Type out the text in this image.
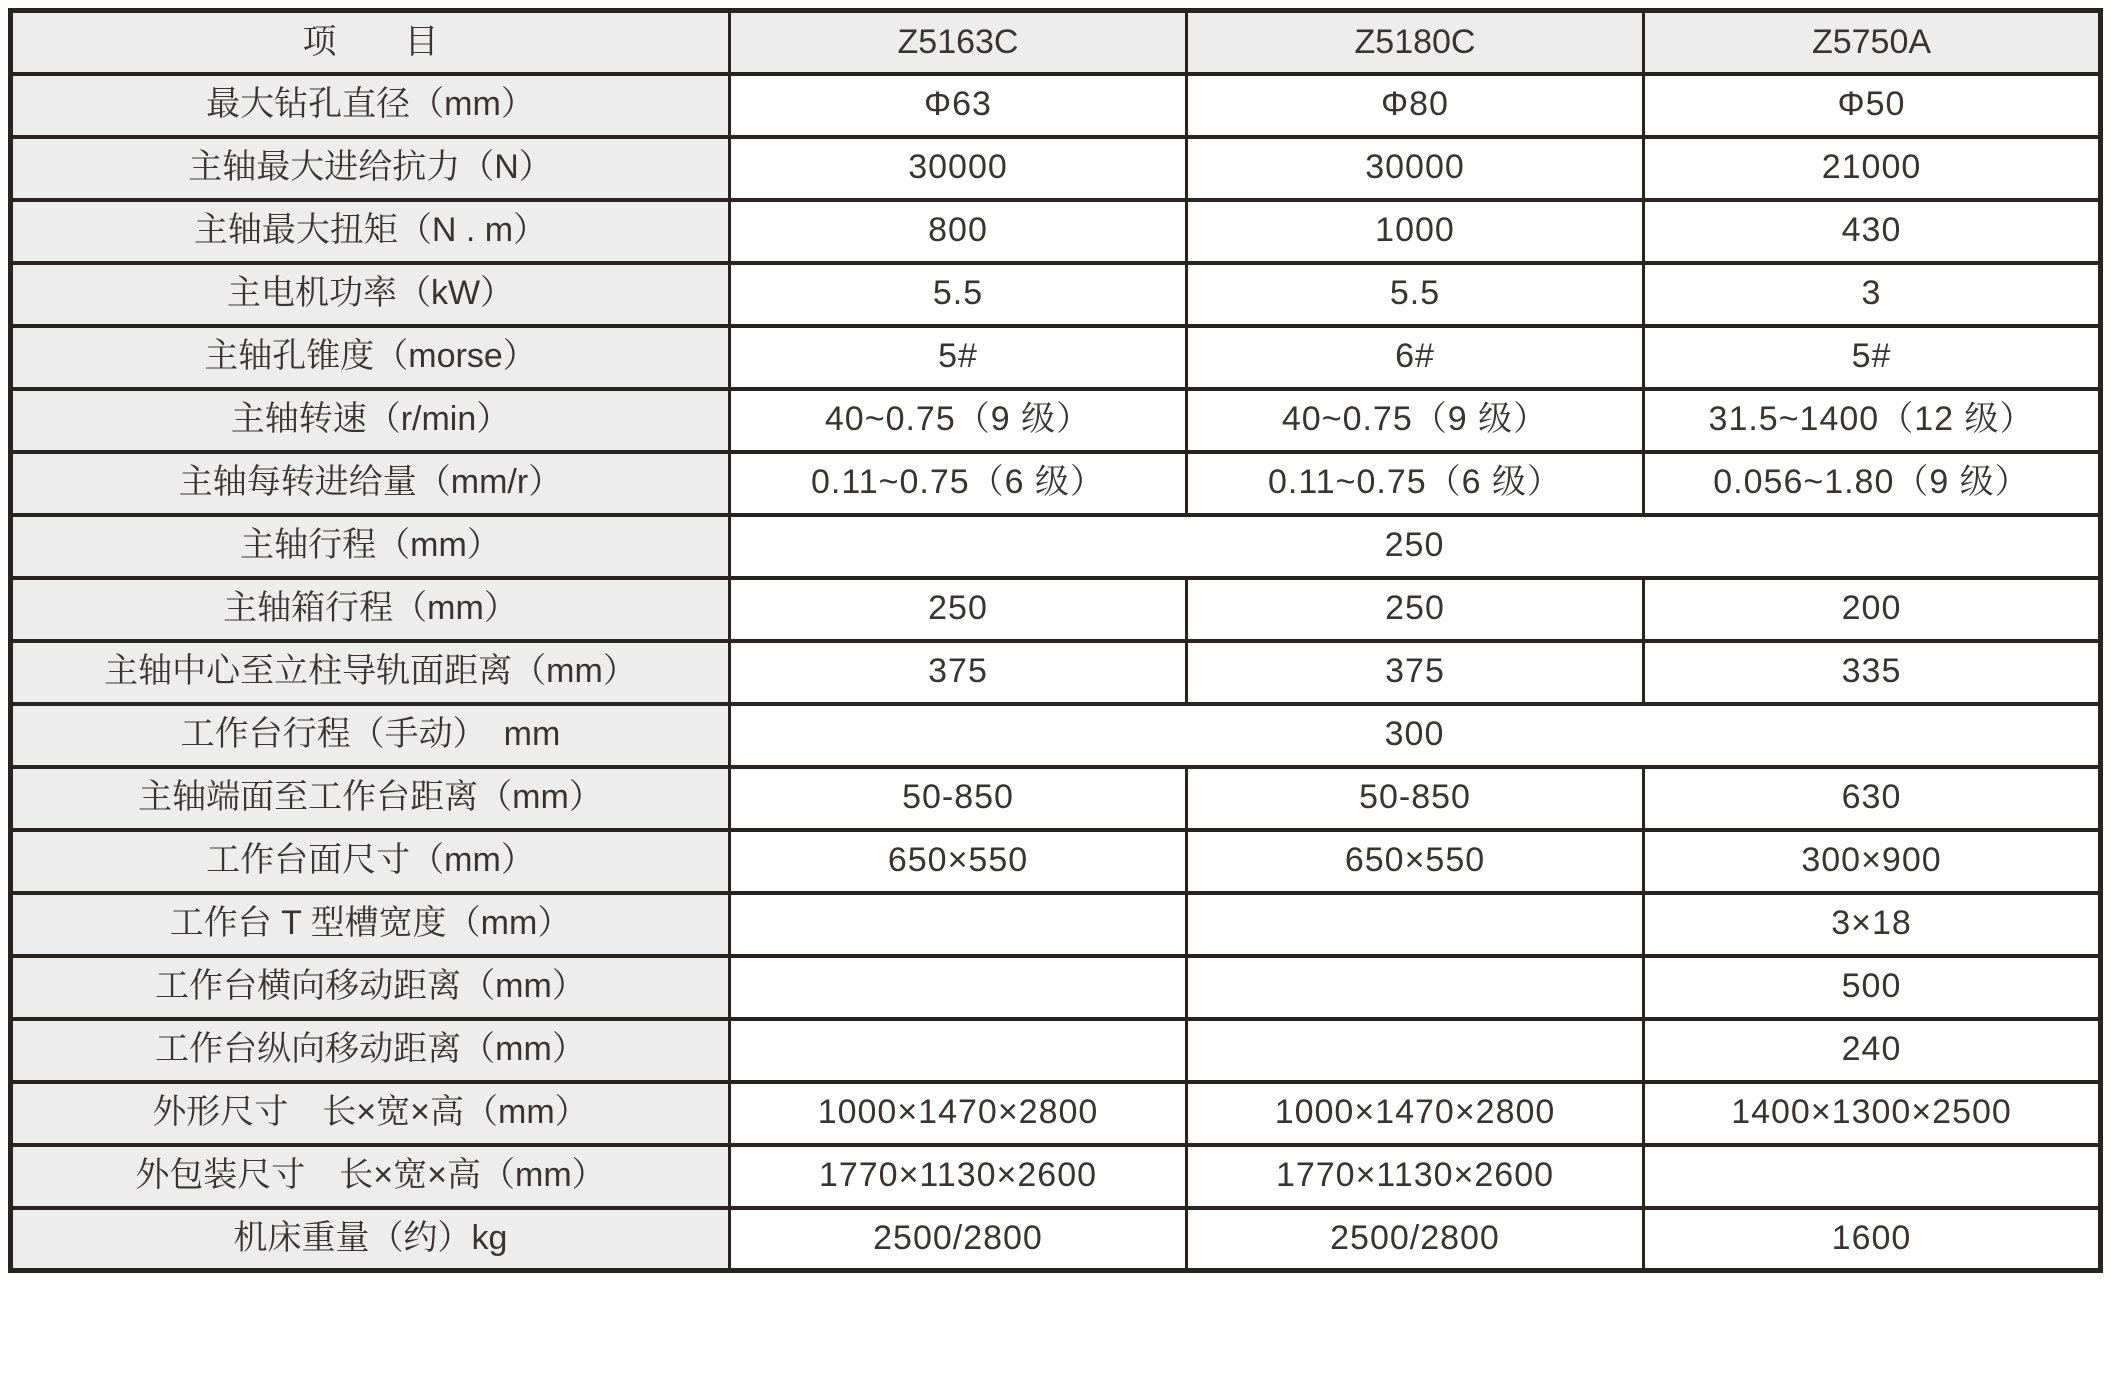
项　　目	Z5163C	Z5180C	Z5750A
最大钻孔直径（mm）	Φ63	Φ80	Φ50
主轴最大进给抗力（N）	30000	30000	21000
主轴最大扭矩（N . m）	800	1000	430
主电机功率（kW）	5.5	5.5	3
主轴孔锥度（morse）	5#	6#	5#
主轴转速（r/min）	40~0.75（9 级）	40~0.75（9 级）	31.5~1400（12 级）
主轴每转进给量（mm/r）	0.11~0.75（6 级）	0.11~0.75（6 级）	0.056~1.80（9 级）
主轴行程（mm）	250		
主轴箱行程（mm）	250	250	200
主轴中心至立柱导轨面距离（mm）	375	375	335
工作台行程（手动）　mm	300		
主轴端面至工作台距离（mm）	50-850	50-850	630
工作台面尺寸（mm）	650×550	650×550	300×900
工作台 T 型槽宽度（mm）			3×18
工作台横向移动距离（mm）			500
工作台纵向移动距离（mm）			240
外形尺寸　长×宽×高（mm）	1000×1470×2800	1000×1470×2800	1400×1300×2500
外包装尺寸　长×宽×高（mm）	1770×1130×2600	1770×1130×2600	
机床重量（约）kg	2500/2800	2500/2800	1600
